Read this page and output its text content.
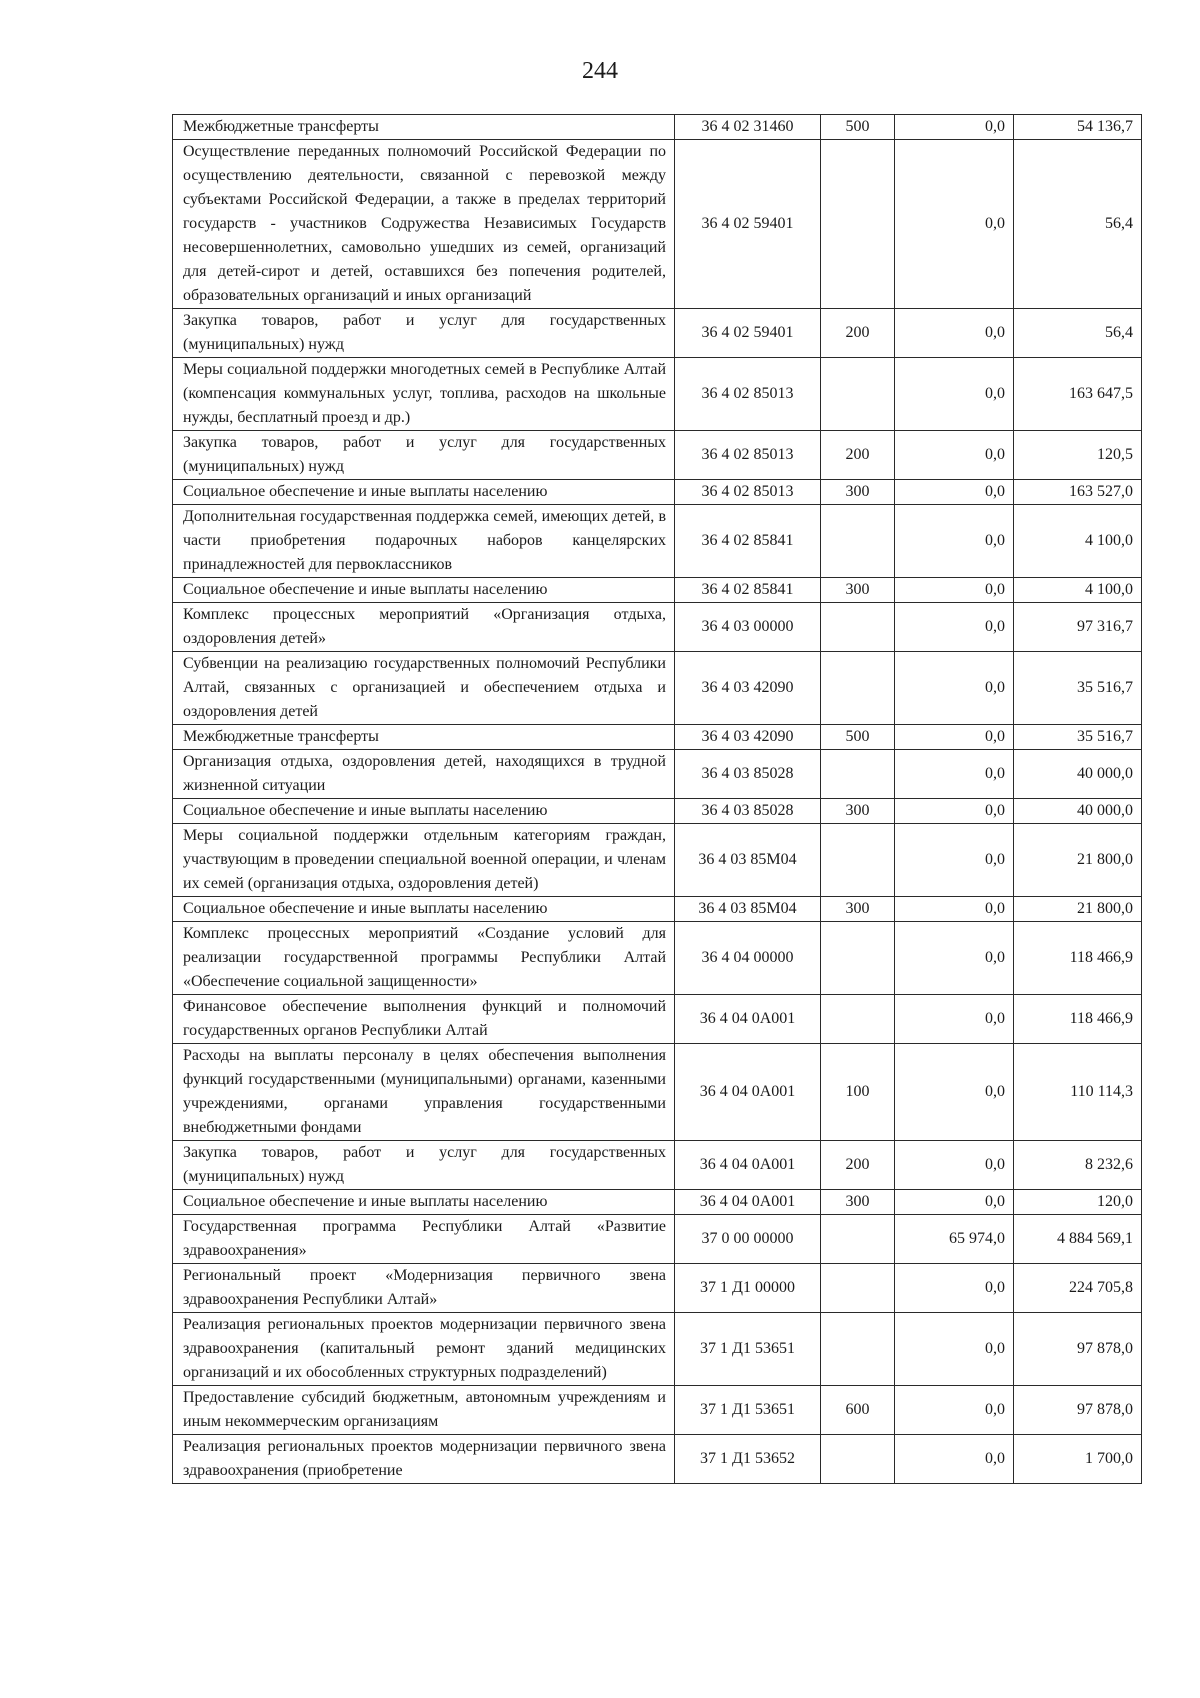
244
Межбюджетные трансферты	36 4 02 31460	500	0,0	54 136,7
Осуществление переданных полномочий Российской Федерации по осуществлению деятельности, связанной с перевозкой между субъектами Российской Федерации, а также в пределах территорий государств - участников Содружества Независимых Государств несовершеннолетних, самовольно ушедших из семей, организаций для детей-сирот и детей, оставшихся без попечения родителей, образовательных организаций и иных организаций	36 4 02 59401		0,0	56,4
Закупка товаров, работ и услуг для государственных (муниципальных) нужд	36 4 02 59401	200	0,0	56,4
Меры социальной поддержки многодетных семей в Республике Алтай (компенсация коммунальных услуг, топлива, расходов на школьные нужды, бесплатный проезд и др.)	36 4 02 85013		0,0	163 647,5
Закупка товаров, работ и услуг для государственных (муниципальных) нужд	36 4 02 85013	200	0,0	120,5
Социальное обеспечение и иные выплаты населению	36 4 02 85013	300	0,0	163 527,0
Дополнительная государственная поддержка семей, имеющих детей, в части приобретения подарочных наборов канцелярских принадлежностей для первоклассников	36 4 02 85841		0,0	4 100,0
Социальное обеспечение и иные выплаты населению	36 4 02 85841	300	0,0	4 100,0
Комплекс процессных мероприятий «Организация отдыха, оздоровления детей»	36 4 03 00000		0,0	97 316,7
Субвенции на реализацию государственных полномочий Республики Алтай, связанных с организацией и обеспечением отдыха и оздоровления детей	36 4 03 42090		0,0	35 516,7
Межбюджетные трансферты	36 4 03 42090	500	0,0	35 516,7
Организация отдыха, оздоровления детей, находящихся в трудной жизненной ситуации	36 4 03 85028		0,0	40 000,0
Социальное обеспечение и иные выплаты населению	36 4 03 85028	300	0,0	40 000,0
Меры социальной поддержки отдельным категориям граждан, участвующим в проведении специальной военной операции, и членам их семей (организация отдыха, оздоровления детей)	36 4 03 85М04		0,0	21 800,0
Социальное обеспечение и иные выплаты населению	36 4 03 85М04	300	0,0	21 800,0
Комплекс процессных мероприятий «Создание условий для реализации государственной программы Республики Алтай «Обеспечение социальной защищенности»	36 4 04 00000		0,0	118 466,9
Финансовое обеспечение выполнения функций и полномочий государственных органов Республики Алтай	36 4 04 0А001		0,0	118 466,9
Расходы на выплаты персоналу в целях обеспечения выполнения функций государственными (муниципальными) органами, казенными учреждениями, органами управления государственными внебюджетными фондами	36 4 04 0А001	100	0,0	110 114,3
Закупка товаров, работ и услуг для государственных (муниципальных) нужд	36 4 04 0А001	200	0,0	8 232,6
Социальное обеспечение и иные выплаты населению	36 4 04 0А001	300	0,0	120,0
Государственная программа Республики Алтай «Развитие здравоохранения»	37 0 00 00000		65 974,0	4 884 569,1
Региональный проект «Модернизация первичного звена здравоохранения Республики Алтай»	37 1 Д1 00000		0,0	224 705,8
Реализация региональных проектов модернизации первичного звена здравоохранения (капитальный ремонт зданий медицинских организаций и их обособленных структурных подразделений)	37 1 Д1 53651		0,0	97 878,0
Предоставление субсидий бюджетным, автономным учреждениям и иным некоммерческим организациям	37 1 Д1 53651	600	0,0	97 878,0
Реализация региональных проектов модернизации первичного звена здравоохранения (приобретение	37 1 Д1 53652		0,0	1 700,0
